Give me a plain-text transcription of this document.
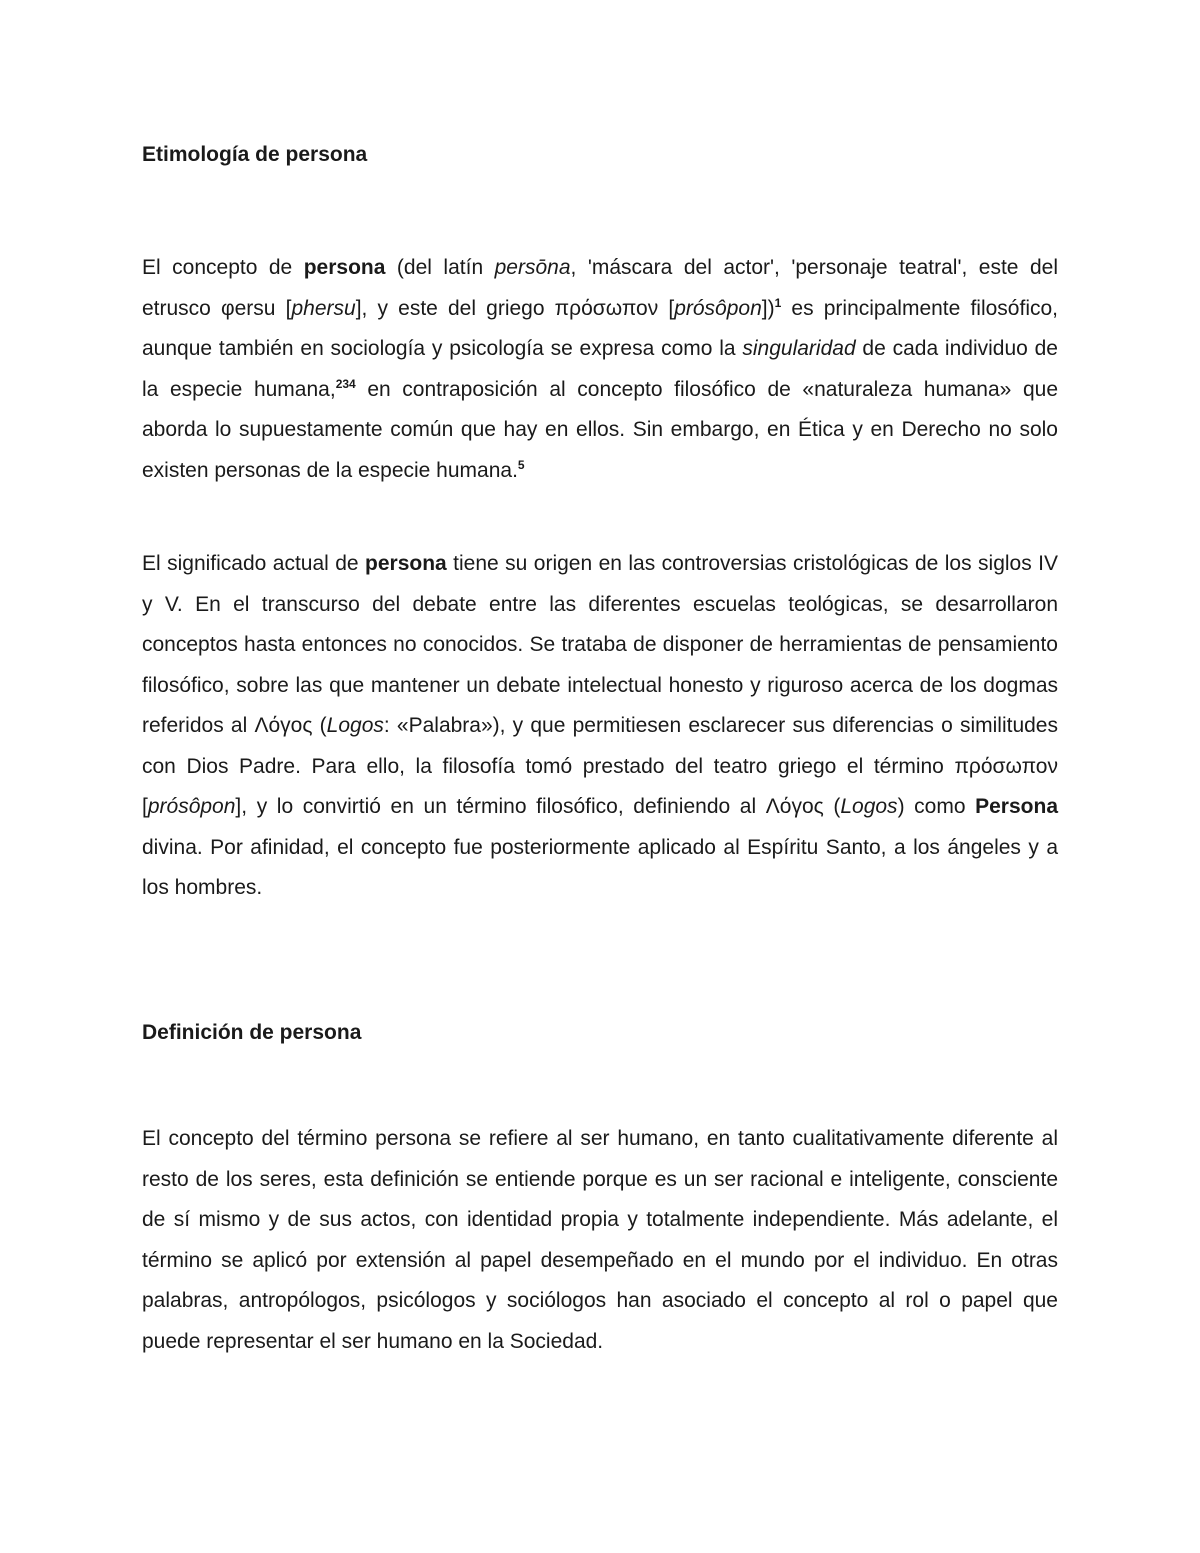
Etimología de persona

El concepto de persona (del latín persōna, 'máscara del actor', 'personaje teatral', este del etrusco φersu [phersu], y este del griego πρόσωπον [prósôpon])$^1$ es principalmente filosófico, aunque también en sociología y psicología se expresa como la singularidad de cada individuo de la especie humana,$^{234}$ en contraposición al concepto filosófico de «naturaleza humana» que aborda lo supuestamente común que hay en ellos. Sin embargo, en Ética y en Derecho no solo existen personas de la especie humana.$^5$

El significado actual de persona tiene su origen en las controversias cristológicas de los siglos IV y V. En el transcurso del debate entre las diferentes escuelas teológicas, se desarrollaron conceptos hasta entonces no conocidos. Se trataba de disponer de herramientas de pensamiento filosófico, sobre las que mantener un debate intelectual honesto y riguroso acerca de los dogmas referidos al Λόγος (Logos: «Palabra»), y que permitiesen esclarecer sus diferencias o similitudes con Dios Padre. Para ello, la filosofía tomó prestado del teatro griego el término πρόσωπον [prósôpon], y lo convirtió en un término filosófico, definiendo al Λόγος (Logos) como Persona divina. Por afinidad, el concepto fue posteriormente aplicado al Espíritu Santo, a los ángeles y a los hombres.

Definición de persona

El concepto del término persona se refiere al ser humano, en tanto cualitativamente diferente al resto de los seres, esta definición se entiende porque es un ser racional e inteligente, consciente de sí mismo y de sus actos, con identidad propia y totalmente independiente. Más adelante, el término se aplicó por extensión al papel desempeñado en el mundo por el individuo. En otras palabras, antropólogos, psicólogos y sociólogos han asociado el concepto al rol o papel que puede representar el ser humano en la Sociedad.
